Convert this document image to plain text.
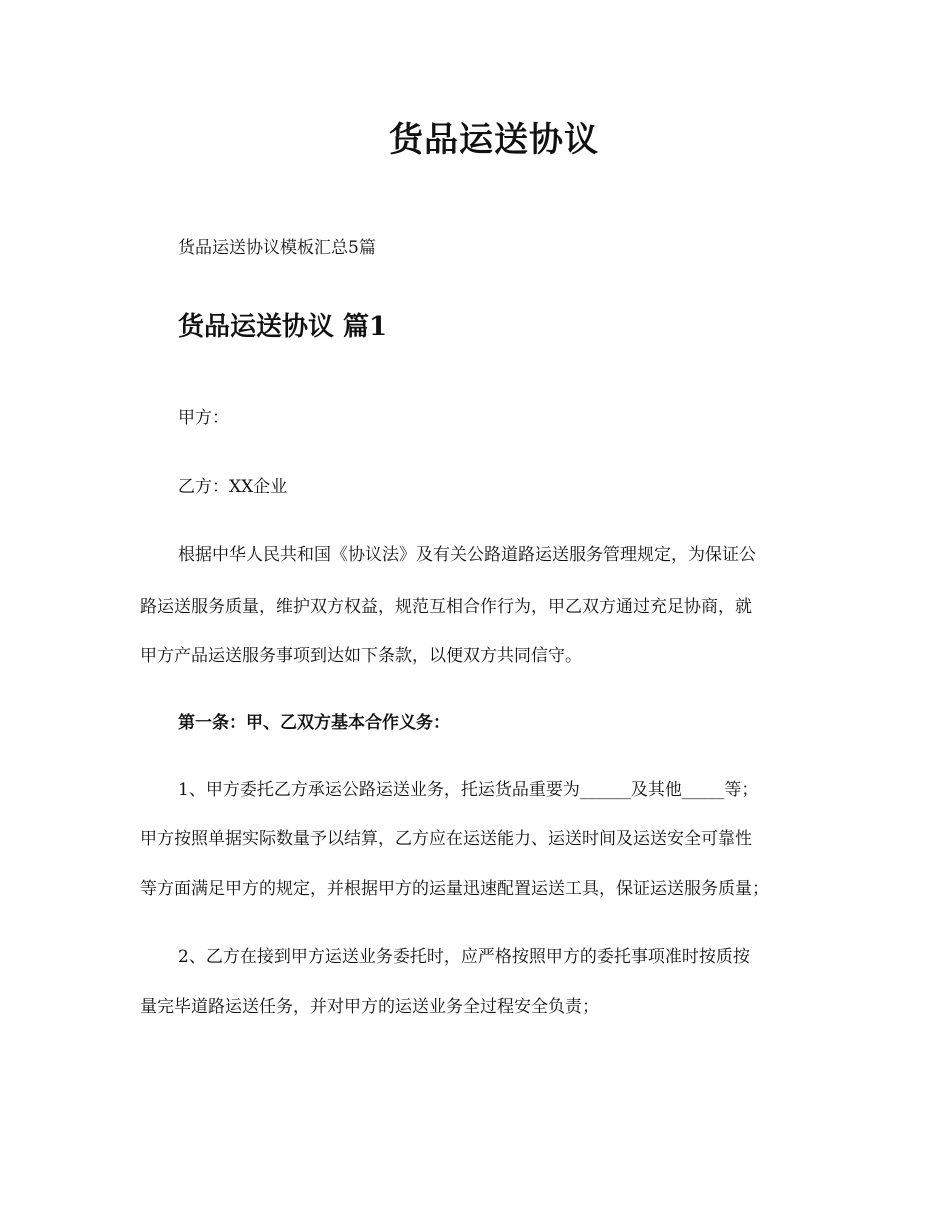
货品运送协议

货品运送协议模板汇总5篇

货品运送协议 篇1

甲方：

乙方：XX企业

根据中华人民共和国《协议法》及有关公路道路运送服务管理规定，为保证公

路运送服务质量，维护双方权益，规范互相合作行为，甲乙双方通过充足协商，就

甲方产品运送服务事项到达如下条款，以便双方共同信守。

第一条：甲、乙双方基本合作义务：

1、甲方委托乙方承运公路运送业务，托运货品重要为______及其他_____等；

甲方按照单据实际数量予以结算，乙方应在运送能力、运送时间及运送安全可靠性

等方面满足甲方的规定，并根据甲方的运量迅速配置运送工具，保证运送服务质量；

2、乙方在接到甲方运送业务委托时，应严格按照甲方的委托事项准时按质按

量完毕道路运送任务，并对甲方的运送业务全过程安全负责；
